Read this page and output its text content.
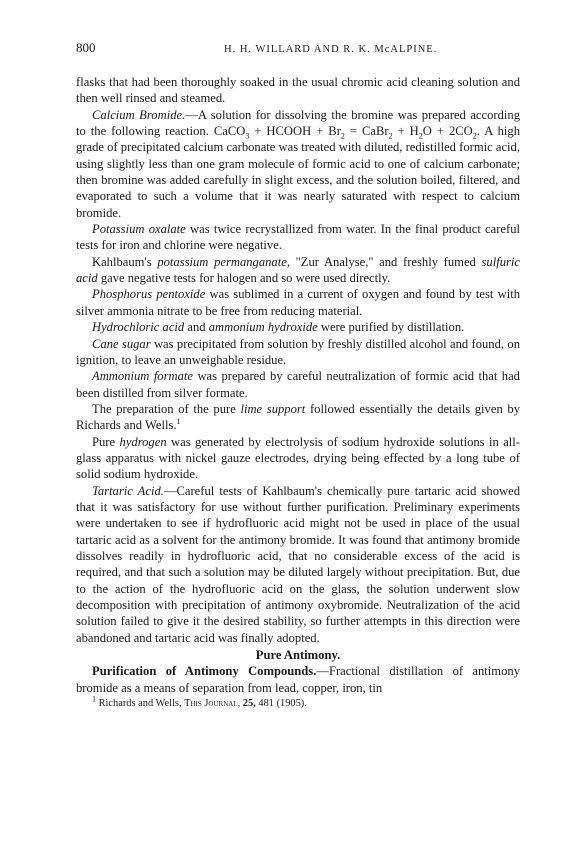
800	H. H. WILLARD AND R. K. McALPINE.

flasks that had been thoroughly soaked in the usual chromic acid cleaning solution and then well rinsed and steamed.

Calcium Bromide.—A solution for dissolving the bromine was prepared according to the following reaction. CaCO$_3$ + HCOOH + $Br_2$ = CaBr$_2$ + $H_2O + 2CO_2$. A high grade of precipitated calcium carbonate was treated with diluted, redistilled formic acid, using slightly less than one gram molecule of formic acid to one of calcium carbonate; then bromine was added carefully in slight excess, and the solution boiled, filtered, and evaporated to such a volume that it was nearly saturated with respect to calcium bromide.

Potassium oxalate was twice recrystallized from water. In the final product careful tests for iron and chlorine were negative.

Kahlbaum's potassium permanganate, "Zur Analyse," and freshly fumed sulfuric acid gave negative tests for halogen and so were used directly.

Phosphorus pentoxide was sublimed in a current of oxygen and found by test with silver ammonia nitrate to be free from reducing material.

Hydrochloric acid and ammonium hydroxide were purified by distillation.

Cane sugar was precipitated from solution by freshly distilled alcohol and found, on ignition, to leave an unweighable residue.

Ammonium formate was prepared by careful neutralization of formic acid that had been distilled from silver formate.

The preparation of the pure lime support followed essentially the details given by Richards and Wells.$^1$

Pure hydrogen was generated by electrolysis of sodium hydroxide solutions in all-glass apparatus with nickel gauze electrodes, drying being effected by a long tube of solid sodium hydroxide.

Tartaric Acid.—Careful tests of Kahlbaum's chemically pure tartaric acid showed that it was satisfactory for use without further purification. Preliminary experiments were undertaken to see if hydrofluoric acid might not be used in place of the usual tartaric acid as a solvent for the antimony bromide. It was found that antimony bromide dissolves readily in hydrofluoric acid, that no considerable excess of the acid is required, and that such a solution may be diluted largely without precipitation. But, due to the action of the hydrofluoric acid on the glass, the solution underwent slow decomposition with precipitation of antimony oxybromide. Neutralization of the acid solution failed to give it the desired stability, so further attempts in this direction were abandoned and tartaric acid was finally adopted.

Pure Antimony.

Purification of Antimony Compounds.—Fractional distillation of antimony bromide as a means of separation from lead, copper, iron, tin

$^1$ Richards and Wells, This Journal, 25, 481 (1905).
